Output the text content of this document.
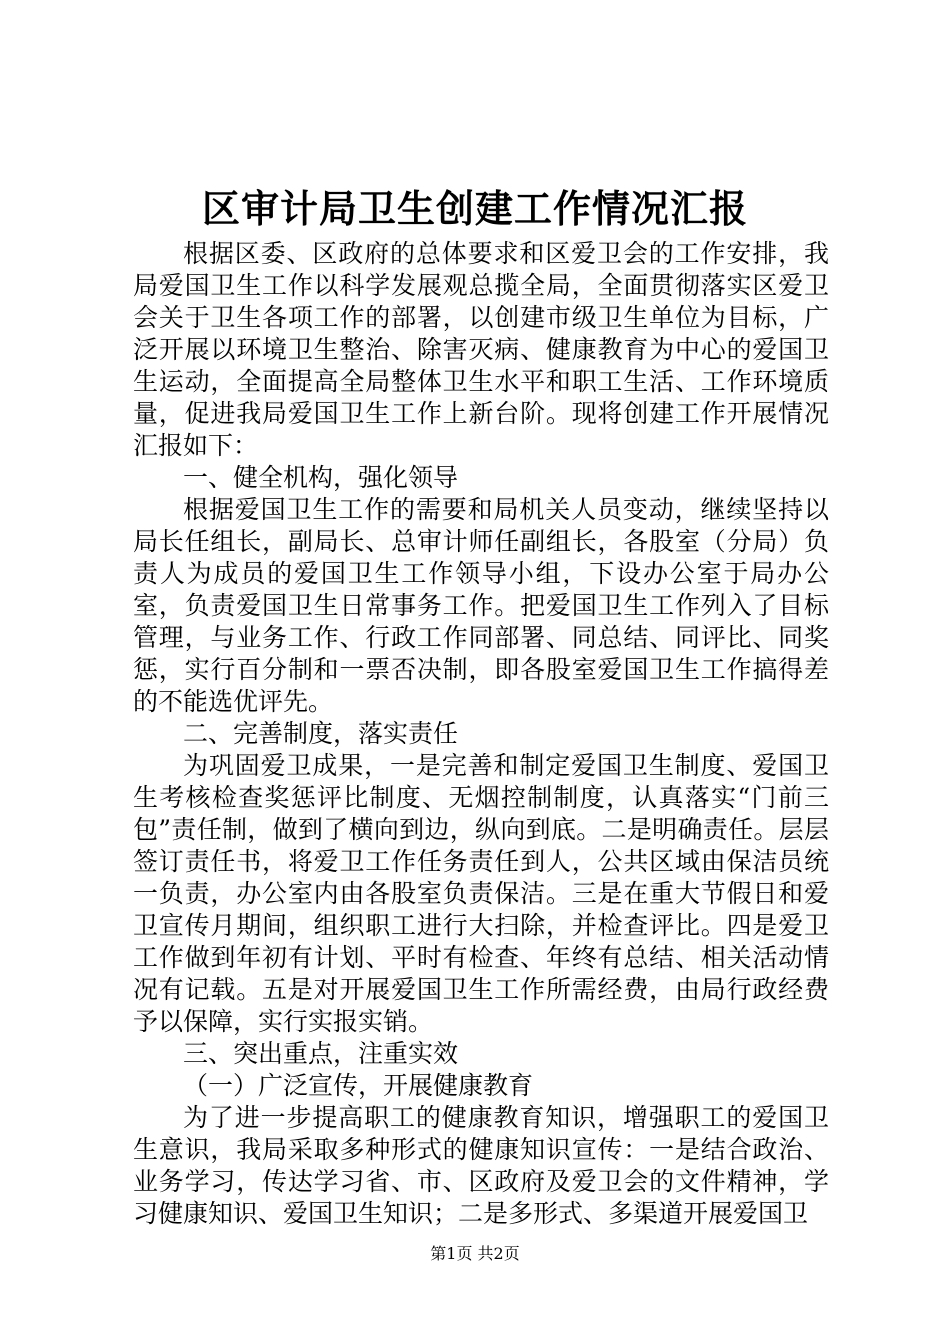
区审计局卫生创建工作情况汇报

根据区委、区政府的总体要求和区爱卫会的工作安排，我局爱国卫生工作以科学发展观总揽全局，全面贯彻落实区爱卫会关于卫生各项工作的部署，以创建市级卫生单位为目标，广泛开展以环境卫生整治、除害灭病、健康教育为中心的爱国卫生运动，全面提高全局整体卫生水平和职工生活、工作环境质量，促进我局爱国卫生工作上新台阶。现将创建工作开展情况汇报如下：

一、健全机构，强化领导

根据爱国卫生工作的需要和局机关人员变动，继续坚持以局长任组长，副局长、总审计师任副组长，各股室（分局）负责人为成员的爱国卫生工作领导小组，下设办公室于局办公室，负责爱国卫生日常事务工作。把爱国卫生工作列入了目标管理，与业务工作、行政工作同部署、同总结、同评比、同奖惩，实行百分制和一票否决制，即各股室爱国卫生工作搞得差的不能选优评先。

二、完善制度，落实责任

为巩固爱卫成果，一是完善和制定爱国卫生制度、爱国卫生考核检查奖惩评比制度、无烟控制制度，认真落实“门前三包”责任制，做到了横向到边，纵向到底。二是明确责任。层层签订责任书，将爱卫工作任务责任到人，公共区域由保洁员统一负责，办公室内由各股室负责保洁。三是在重大节假日和爱卫宣传月期间，组织职工进行大扫除，并检查评比。四是爱卫工作做到年初有计划、平时有检查、年终有总结、相关活动情况有记载。五是对开展爱国卫生工作所需经费，由局行政经费予以保障，实行实报实销。

三、突出重点，注重实效

（一）广泛宣传，开展健康教育

为了进一步提高职工的健康教育知识，增强职工的爱国卫生意识，我局采取多种形式的健康知识宣传：一是结合政治、业务学习，传达学习省、市、区政府及爱卫会的文件精神，学习健康知识、爱国卫生知识；二是多形式、多渠道开展爱国卫

第1页 共2页
